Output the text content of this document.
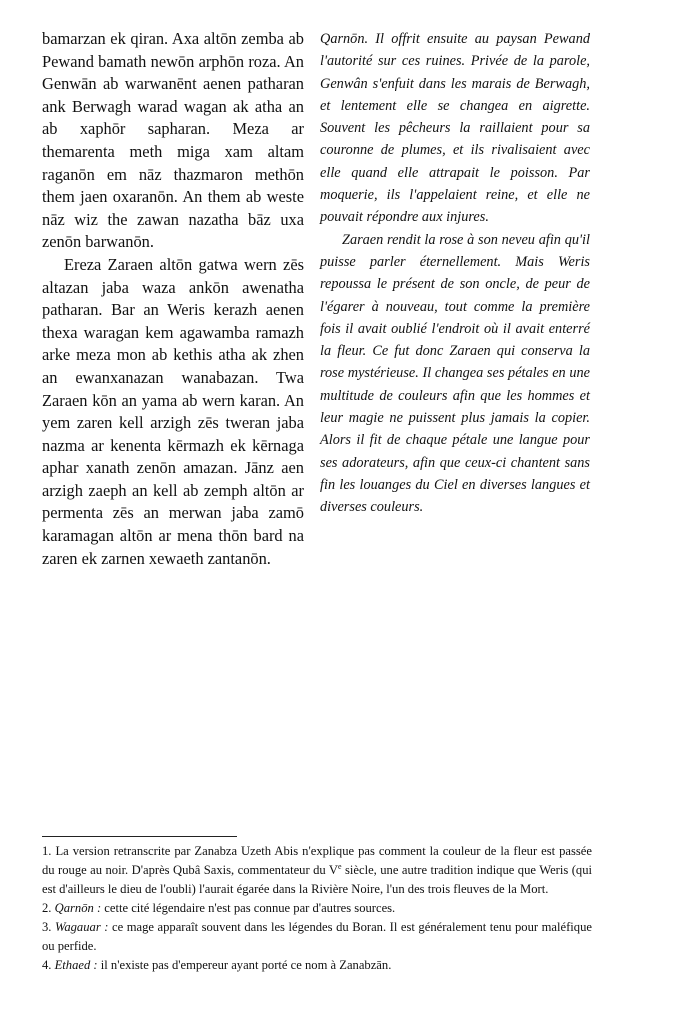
bamarzan ek qiran. Axa altōn zemba ab Pewand bamath newōn arphōn roza. An Genwān ab warwanēnt aenen patharan ank Berwagh warad wagan ak atha an ab xaphōr sapharan. Meza ar themarenta meth miga xam altam raganōn em nāz thazmaron methōn them jaen oxaranōn. An them ab weste nāz wiz the zawan nazatha bāz uxa zenōn barwanōn.

Ereza Zaraen altōn gatwa wern zēs altazan jaba waza ankōn awenatha patharan. Bar an Weris kerazh aenen thexa waragan kem agawamba ramazh arke meza mon ab kethis atha ak zhen an ewanxanazan wanabazan. Twa Zaraen kōn an yama ab wern karan. An yem zaren kell arzigh zēs tweran jaba nazma ar kenenta kērmazh ek kērnaga aphar xanath zenōn amazan. Jānz aen arzigh zaeph an kell ab zemph altōn ar permenta zēs an merwan jaba zamō karamagan altōn ar mena thōn bard na zaren ek zarnen xewaeth zantanōn.

Qarnōn. Il offrit ensuite au paysan Pewand l'autorité sur ces ruines. Privée de la parole, Genwân s'enfuit dans les marais de Berwagh, et lentement elle se changea en aigrette. Souvent les pêcheurs la raillaient pour sa couronne de plumes, et ils rivalisaient avec elle quand elle attrapait le poisson. Par moquerie, ils l'appelaient reine, et elle ne pouvait répondre aux injures.

Zaraen rendit la rose à son neveu afin qu'il puisse parler éternellement. Mais Weris repoussa le présent de son oncle, de peur de l'égarer à nouveau, tout comme la première fois il avait oublié l'endroit où il avait enterré la fleur. Ce fut donc Zaraen qui conserva la rose mystérieuse. Il changea ses pétales en une multitude de couleurs afin que les hommes et leur magie ne puissent plus jamais la copier. Alors il fit de chaque pétale une langue pour ses adorateurs, afin que ceux-ci chantent sans fin les louanges du Ciel en diverses langues et diverses couleurs.

1. La version retranscrite par Zanabza Uzeth Abis n'explique pas comment la couleur de la fleur est passée du rouge au noir. D'après Qubâ Saxis, commentateur du Ve siècle, une autre tradition indique que Weris (qui est d'ailleurs le dieu de l'oubli) l'aurait égarée dans la Rivière Noire, l'un des trois fleuves de la Mort.

2. Qarnōn : cette cité légendaire n'est pas connue par d'autres sources.

3. Wagauar : ce mage apparaît souvent dans les légendes du Boran. Il est généralement tenu pour maléfique ou perfide.

4. Ethaed : il n'existe pas d'empereur ayant porté ce nom à Zanabzān.
